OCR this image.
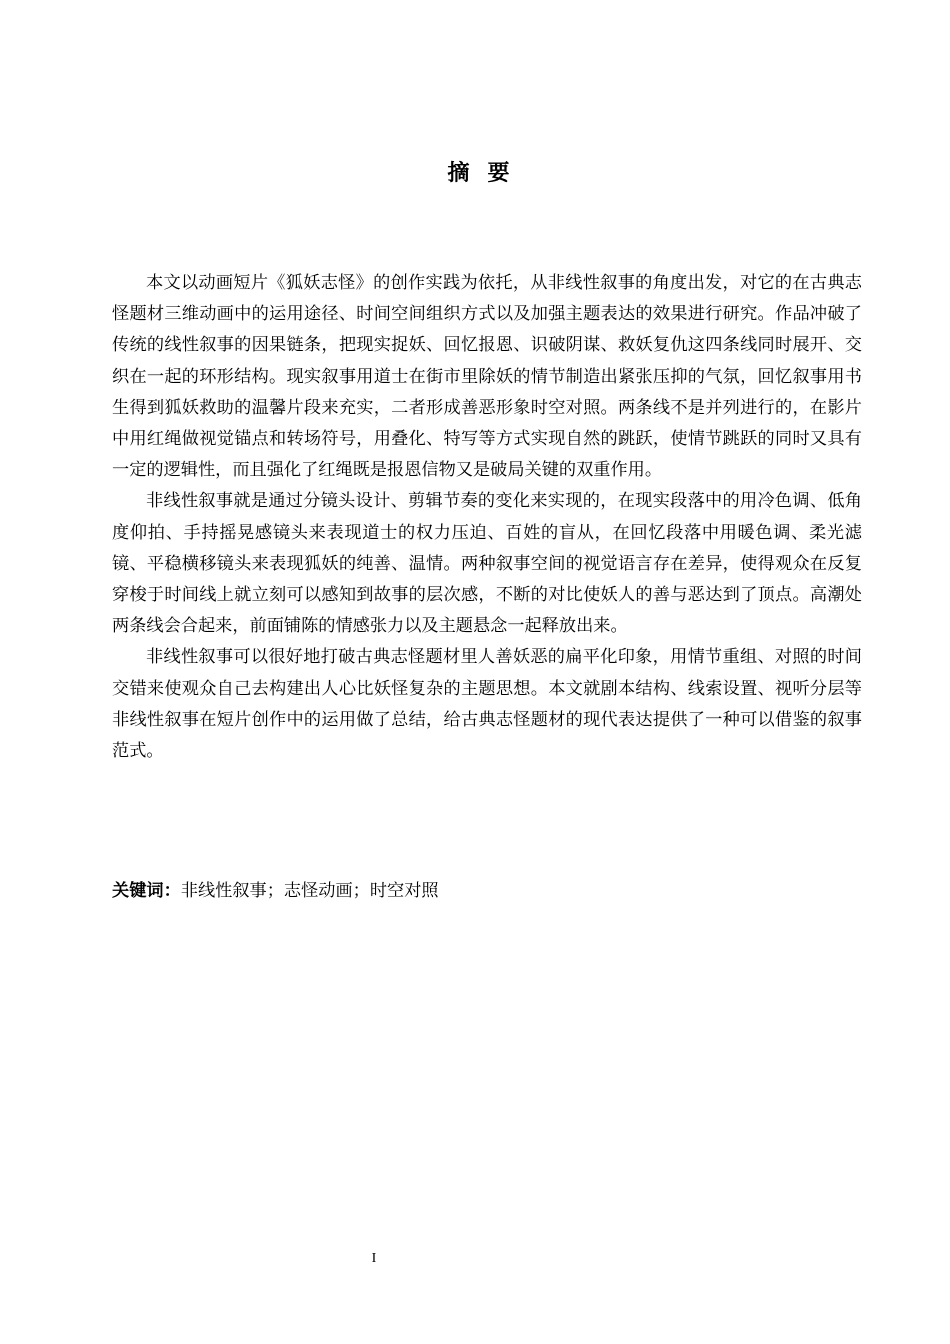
摘要

本文以动画短片《狐妖志怪》的创作实践为依托，从非线性叙事的角度出发，对它的在古典志怪题材三维动画中的运用途径、时间空间组织方式以及加强主题表达的效果进行研究。作品冲破了传统的线性叙事的因果链条，把现实捉妖、回忆报恩、识破阴谋、救妖复仇这四条线同时展开、交织在一起的环形结构。现实叙事用道士在街市里除妖的情节制造出紧张压抑的气氛，回忆叙事用书生得到狐妖救助的温馨片段来充实，二者形成善恶形象时空对照。两条线不是并列进行的，在影片中用红绳做视觉锚点和转场符号，用叠化、特写等方式实现自然的跳跃，使情节跳跃的同时又具有一定的逻辑性，而且强化了红绳既是报恩信物又是破局关键的双重作用。

非线性叙事就是通过分镜头设计、剪辑节奏的变化来实现的，在现实段落中的用冷色调、低角度仰拍、手持摇晃感镜头来表现道士的权力压迫、百姓的盲从，在回忆段落中用暖色调、柔光滤镜、平稳横移镜头来表现狐妖的纯善、温情。两种叙事空间的视觉语言存在差异，使得观众在反复穿梭于时间线上就立刻可以感知到故事的层次感，不断的对比使妖人的善与恶达到了顶点。高潮处两条线会合起来，前面铺陈的情感张力以及主题悬念一起释放出来。

非线性叙事可以很好地打破古典志怪题材里人善妖恶的扁平化印象，用情节重组、对照的时间交错来使观众自己去构建出人心比妖怪复杂的主题思想。本文就剧本结构、线索设置、视听分层等非线性叙事在短片创作中的运用做了总结，给古典志怪题材的现代表达提供了一种可以借鉴的叙事范式。

关键词：非线性叙事；志怪动画；时空对照
I
